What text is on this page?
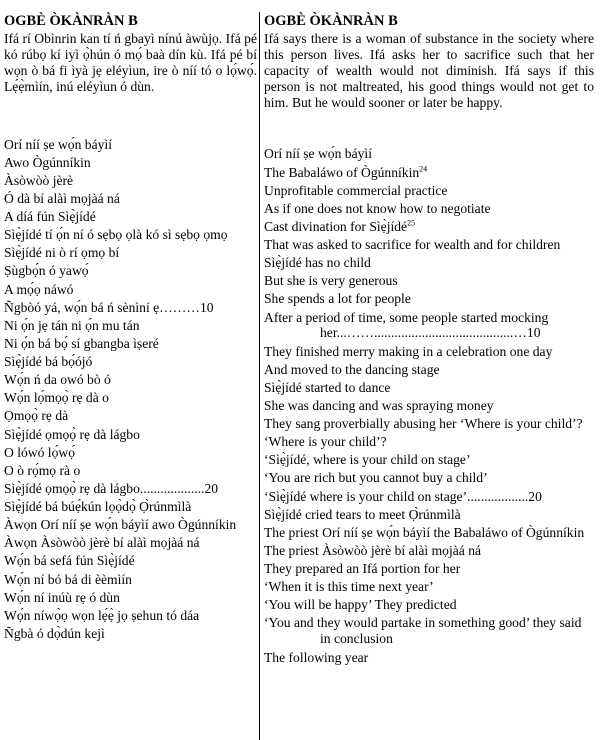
OGBÈ ÒKÀNRÀN B

Ifá rí Obìnrin kan tí ń gbayì nínú àwùjọ. Ifá pé kó rúbọ kí iyì ọ̀hún ó mọ́ baà dín kù. Ifá pé bí wọn ò bá fi ìyà jẹ eléyìun, ire ò níí tó o lọ́wọ́. Lẹ́ẹ̀mìín, inú eléyìun ó dùn.

Orí níí ṣe wọ́n báyìí
Awo Ògúnníkin
Àsòwòò jèrè
Ó dà bí alàì mọjàá ná
A díá fún Sìẹ̀jídé
Sìẹ̀jídé tí ọ́n ní ó sẹbọ ọlà kó sì sẹbọ ọmọ
Sìẹ̀jídé ni ò rí ọmọ bí
Ṣùgbọ́n ó yawọ́
A mọ́ọ náwó
Ñgbòó yá, wọ́n bá ń sènìní ẹ………10
Ni ọ́n jẹ tán ni ọ́n mu tán
Ni ọ́n bá bọ́ sí gbangba ìṣeré
Sìẹ̀jídé bá bọ́ójó
Wọ́n ń da owó bò ó
Wọ́n lọ́mọọ̀ rẹ dà o
Ọmọọ̀ rẹ dà
Sìẹ̀jídé ọmọọ̀ rẹ dà lágbo
O lówó lọ́wọ́
O ò rọ́mọ rà o
Sìẹ̀jídé ọmọọ̀ rẹ dà lágbo...................20
Sìẹ̀jídé bá búẹ́kún lọọ̀dọ̀ Ọ̀rúnmìlà
Àwọn Orí níí ṣe wọ́n báyìí awo Ògúnníkin
Àwọn Àsòwòò jèrè bí alàì mọjàá ná
Wọ́n bá sefá fún Sìẹ̀jídé
Wọ́n ní bó bá di èèmìín
Wọ́n ní inúù rẹ ó dùn
Wọ́n níwọ̀ọ wọn lẹ́ẹ̀ jọ ṣehun tó dáa
Ñgbà ó dọ̀dún kejì
OGBÈ ÒKÀNRÀN B

Ifá says there is a woman of substance in the society where this person lives. Ifá asks her to sacrifice such that her capacity of wealth would not diminish. Ifá says if this person is not maltreated, his good things would not get to him. But he would sooner or later be happy.

Orí níí ṣe wọ́n báyìí
The Babaláwo of Ògúnníkin$^{24}$
Unprofitable commercial practice
As if one does not know how to negotiate
Cast divination for Sìẹ̀jídé$^{25}$
That was asked to sacrifice for wealth and for children
Sìẹ̀jídé has no child
But she is very generous
She spends a lot for people
After a period of time, some people started mocking her...…….........................................…10
They finished merry making in a celebration one day
And moved to the dancing stage
Sìẹ̀jídé started to dance
She was dancing and was spraying money
They sang proverbially abusing her ‘Where is your child’?
‘Where is your child’?
‘Sìẹ̀jídé, where is your child on stage’
‘You are rich but you cannot buy a child’
‘Sìẹ̀jídé where is your child on stage’..................20
Sìẹ̀jídé cried tears to meet Ọ̀rúnmìlà
The priest Orí níí ṣe wọ́n báyìí the Babaláwo of Ògúnníkin
The priest Àsòwòò jèrè bí alàì mọjàá ná
They prepared an Ifá portion for her
‘When it is this time next year’
‘You will be happy’ They predicted
‘You and they would partake in something good’ they said in conclusion
The following year
